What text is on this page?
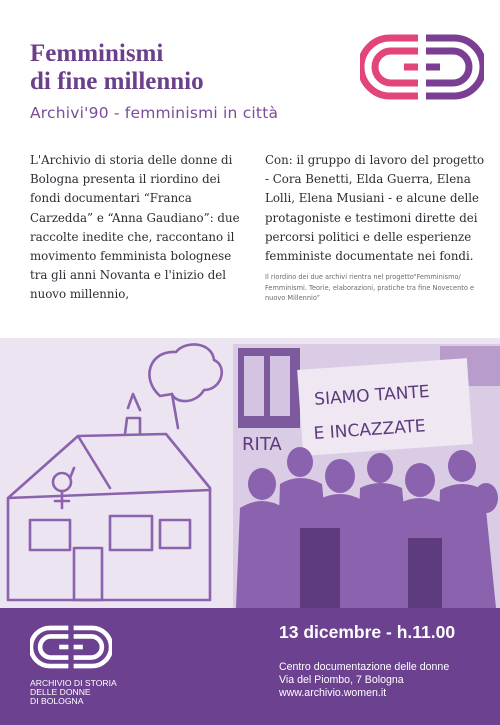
Femminismi
di fine millennio
Archivi'90 - femminismi in città
L'Archivio di storia delle donne di Bologna presenta il riordino dei fondi documentari “Franca Carzedda” e “Anna Gaudiano”: due raccolte inedite che, raccontano il movimento femminista bolognese tra gli anni Novanta e l'inizio del nuovo millennio,
Con: il gruppo di lavoro del progetto - Cora Benetti, Elda Guerra, Elena Lolli, Elena Musiani - e alcune delle protagoniste e testimoni dirette dei percorsi politici e delle esperienze femministe documentate nei fondi.
Il riordino dei due archivi rientra nel progetto“Femminismo/ Femminismi. Teorie, elaborazioni, pratiche tra fine Novecento e nuovo Millennio”
SIAMO TANTE
E INCAZZATE
RITA
ARCHIVIO DI STORIA
DELLE DONNE
DI BOLOGNA
13 dicembre - h.11.00
Centro documentazione delle donne
Via del Piombo, 7 Bologna
www.archivio.women.it
